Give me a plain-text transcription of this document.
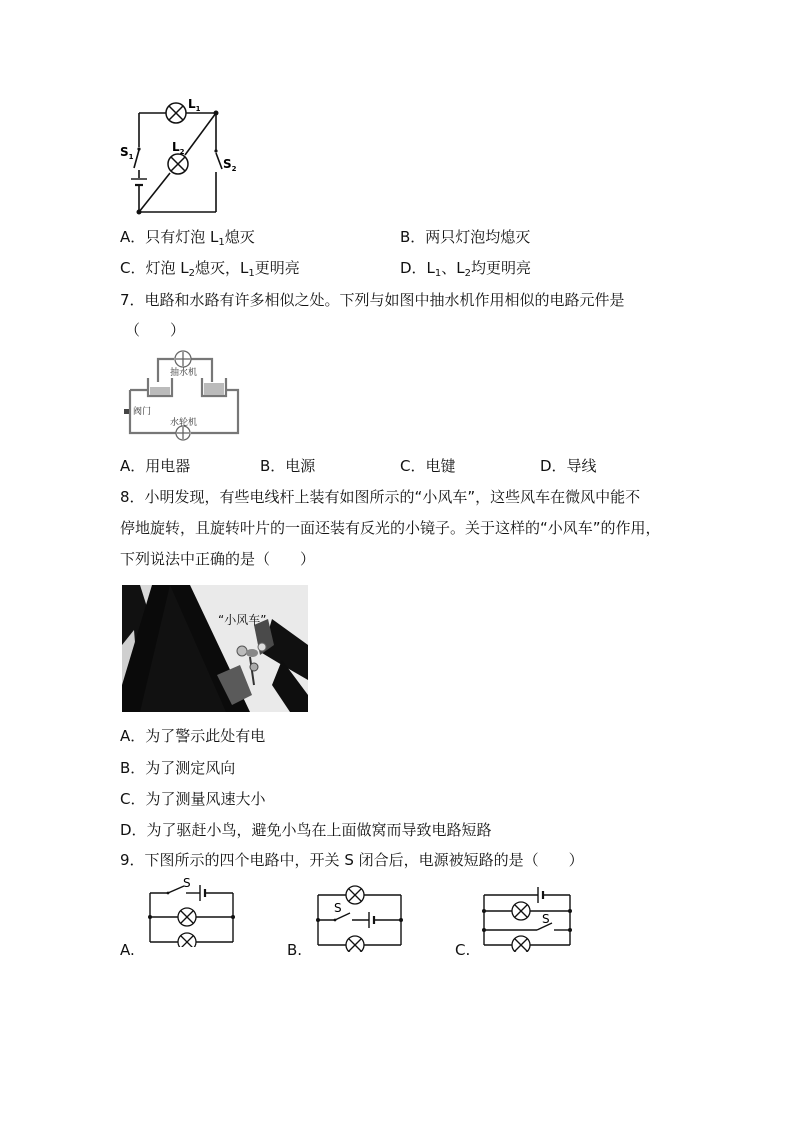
$L_1$
$L_2$
$S_1$	$S_2$
A．只有灯泡 $L_1$熄灭	B．两只灯泡均熄灭
C．灯泡 $L_2$熄灭，$L_1$更明亮	D．$L_1$、$L_2$均更明亮
7．电路和水路有许多相似之处。下列与如图中抽水机作用相似的电路元件是
（　　）
抽水机
阀门
水轮机
A．用电器	B．电源	C．电键	D．导线
8．小明发现，有些电线杆上装有如图所示的“小风车”，这些风车在微风中能不
停地旋转，且旋转叶片的一面还装有反光的小镜子。关于这样的“小风车”的作用，
下列说法中正确的是（　　）
“小风车”
A．为了警示此处有电
B．为了测定风向
C．为了测量风速大小
D．为了驱赶小鸟，避免小鸟在上面做窝而导致电路短路
9．下图所示的四个电路中，开关 S 闭合后，电源被短路的是（　　）
S
A.
S
B.
S
C.
